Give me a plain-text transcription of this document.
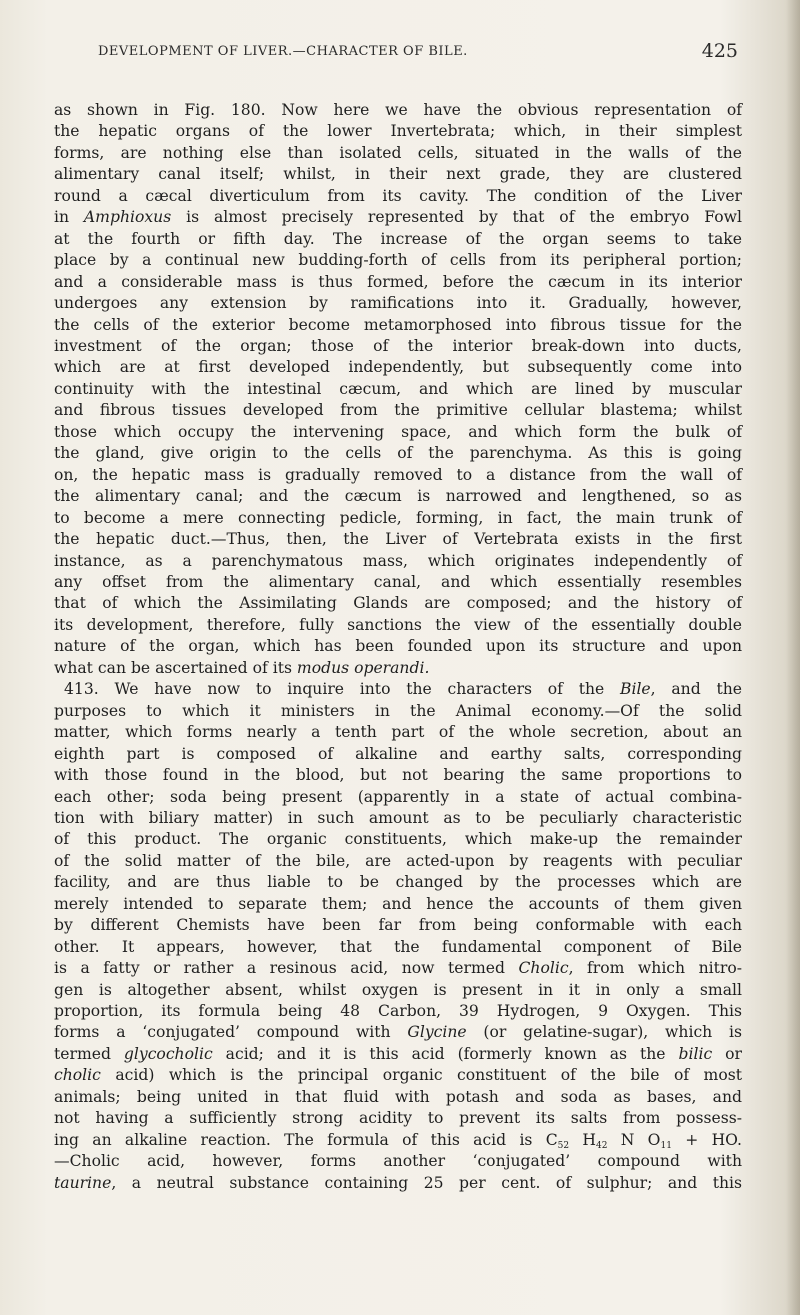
DEVELOPMENT OF LIVER.—CHARACTER OF BILE.	425
as shown in Fig. 180. Now here we have the obvious representation of
the hepatic organs of the lower Invertebrata; which, in their simplest
forms, are nothing else than isolated cells, situated in the walls of the
alimentary canal itself; whilst, in their next grade, they are clustered
round a cæcal diverticulum from its cavity. The condition of the Liver
in Amphioxus is almost precisely represented by that of the embryo Fowl
at the fourth or fifth day. The increase of the organ seems to take
place by a continual new budding-forth of cells from its peripheral portion;
and a considerable mass is thus formed, before the cæcum in its interior
undergoes any extension by ramifications into it. Gradually, however,
the cells of the exterior become metamorphosed into fibrous tissue for the
investment of the organ; those of the interior break-down into ducts,
which are at first developed independently, but subsequently come into
continuity with the intestinal cæcum, and which are lined by muscular
and fibrous tissues developed from the primitive cellular blastema; whilst
those which occupy the intervening space, and which form the bulk of
the gland, give origin to the cells of the parenchyma. As this is going
on, the hepatic mass is gradually removed to a distance from the wall of
the alimentary canal; and the cæcum is narrowed and lengthened, so as
to become a mere connecting pedicle, forming, in fact, the main trunk of
the hepatic duct.—Thus, then, the Liver of Vertebrata exists in the first
instance, as a parenchymatous mass, which originates independently of
any offset from the alimentary canal, and which essentially resembles
that of which the Assimilating Glands are composed; and the history of
its development, therefore, fully sanctions the view of the essentially double
nature of the organ, which has been founded upon its structure and upon
what can be ascertained of its modus operandi.
413. We have now to inquire into the characters of the Bile, and the
purposes to which it ministers in the Animal economy.—Of the solid
matter, which forms nearly a tenth part of the whole secretion, about an
eighth part is composed of alkaline and earthy salts, corresponding
with those found in the blood, but not bearing the same proportions to
each other; soda being present (apparently in a state of actual combina-
tion with biliary matter) in such amount as to be peculiarly characteristic
of this product. The organic constituents, which make-up the remainder
of the solid matter of the bile, are acted-upon by reagents with peculiar
facility, and are thus liable to be changed by the processes which are
merely intended to separate them; and hence the accounts of them given
by different Chemists have been far from being conformable with each
other. It appears, however, that the fundamental component of Bile
is a fatty or rather a resinous acid, now termed Cholic, from which nitro-
gen is altogether absent, whilst oxygen is present in it in only a small
proportion, its formula being 48 Carbon, 39 Hydrogen, 9 Oxygen. This
forms a ‘conjugated’ compound with Glycine (or gelatine-sugar), which is
termed glycocholic acid; and it is this acid (formerly known as the bilic or
cholic acid) which is the principal organic constituent of the bile of most
animals; being united in that fluid with potash and soda as bases, and
not having a sufficiently strong acidity to prevent its salts from possess-
ing an alkaline reaction. The formula of this acid is $C_{52}$ $H_{42}$ N $O_{11}$ + HO.
—Cholic acid, however, forms another ‘conjugated’ compound with
taurine, a neutral substance containing 25 per cent. of sulphur; and this
